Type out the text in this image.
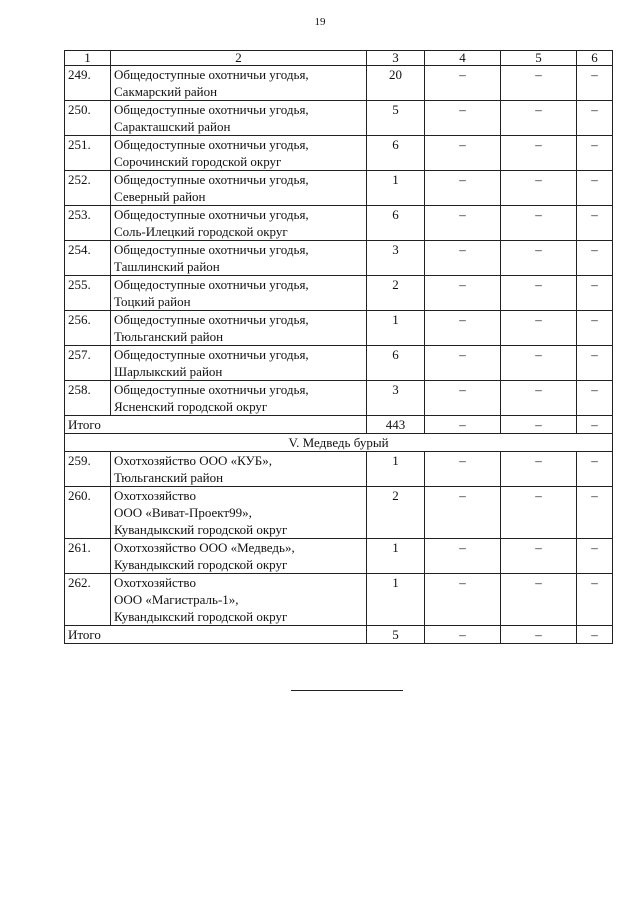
19
1	2	3	4	5	6
249.	Общедоступные охотничьи угодья,
Сакмарский район	20	–	–	–
250.	Общедоступные охотничьи угодья,
Саракташский район	5	–	–	–
251.	Общедоступные охотничьи угодья,
Сорочинский городской округ	6	–	–	–
252.	Общедоступные охотничьи угодья,
Северный район	1	–	–	–
253.	Общедоступные охотничьи угодья,
Соль-Илецкий городской округ	6	–	–	–
254.	Общедоступные охотничьи угодья,
Ташлинский район	3	–	–	–
255.	Общедоступные охотничьи угодья,
Тоцкий район	2	–	–	–
256.	Общедоступные охотничьи угодья,
Тюльганский район	1	–	–	–
257.	Общедоступные охотничьи угодья,
Шарлыкский район	6	–	–	–
258.	Общедоступные охотничьи угодья,
Ясненский городской округ	3	–	–	–
Итого		443	–	–	–
V. Медведь бурый					
259.	Охотхозяйство ООО «КУБ»,
Тюльганский район	1	–	–	–
260.	Охотхозяйство
ООО «Виват-Проект99»,
Кувандыкский городской округ	2	–	–	–
261.	Охотхозяйство ООО «Медведь»,
Кувандыкский городской округ	1	–	–	–
262.	Охотхозяйство
ООО «Магистраль-1»,
Кувандыкский городской округ	1	–	–	–
Итого		5	–	–	–
